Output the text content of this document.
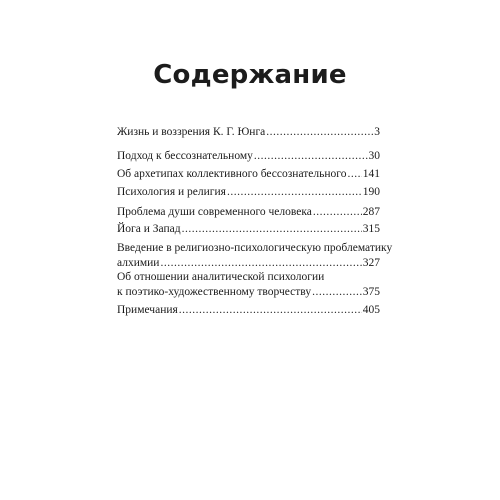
Содержание
Жизнь и воззрения К. Г. Юнга .....	3
Подход к бессознательному .....	30
Об архетипах коллективного бессознательного ..... 141
Психология и религия .....	190
Проблема души современного человека .....	287
Йога и Запад .....	315
Введение в религиозно-психологическую проблематику
алхимии .....	327
Об отношении аналитической психологии
к поэтико-художественному творчеству .....	375
Примечания .....	405
